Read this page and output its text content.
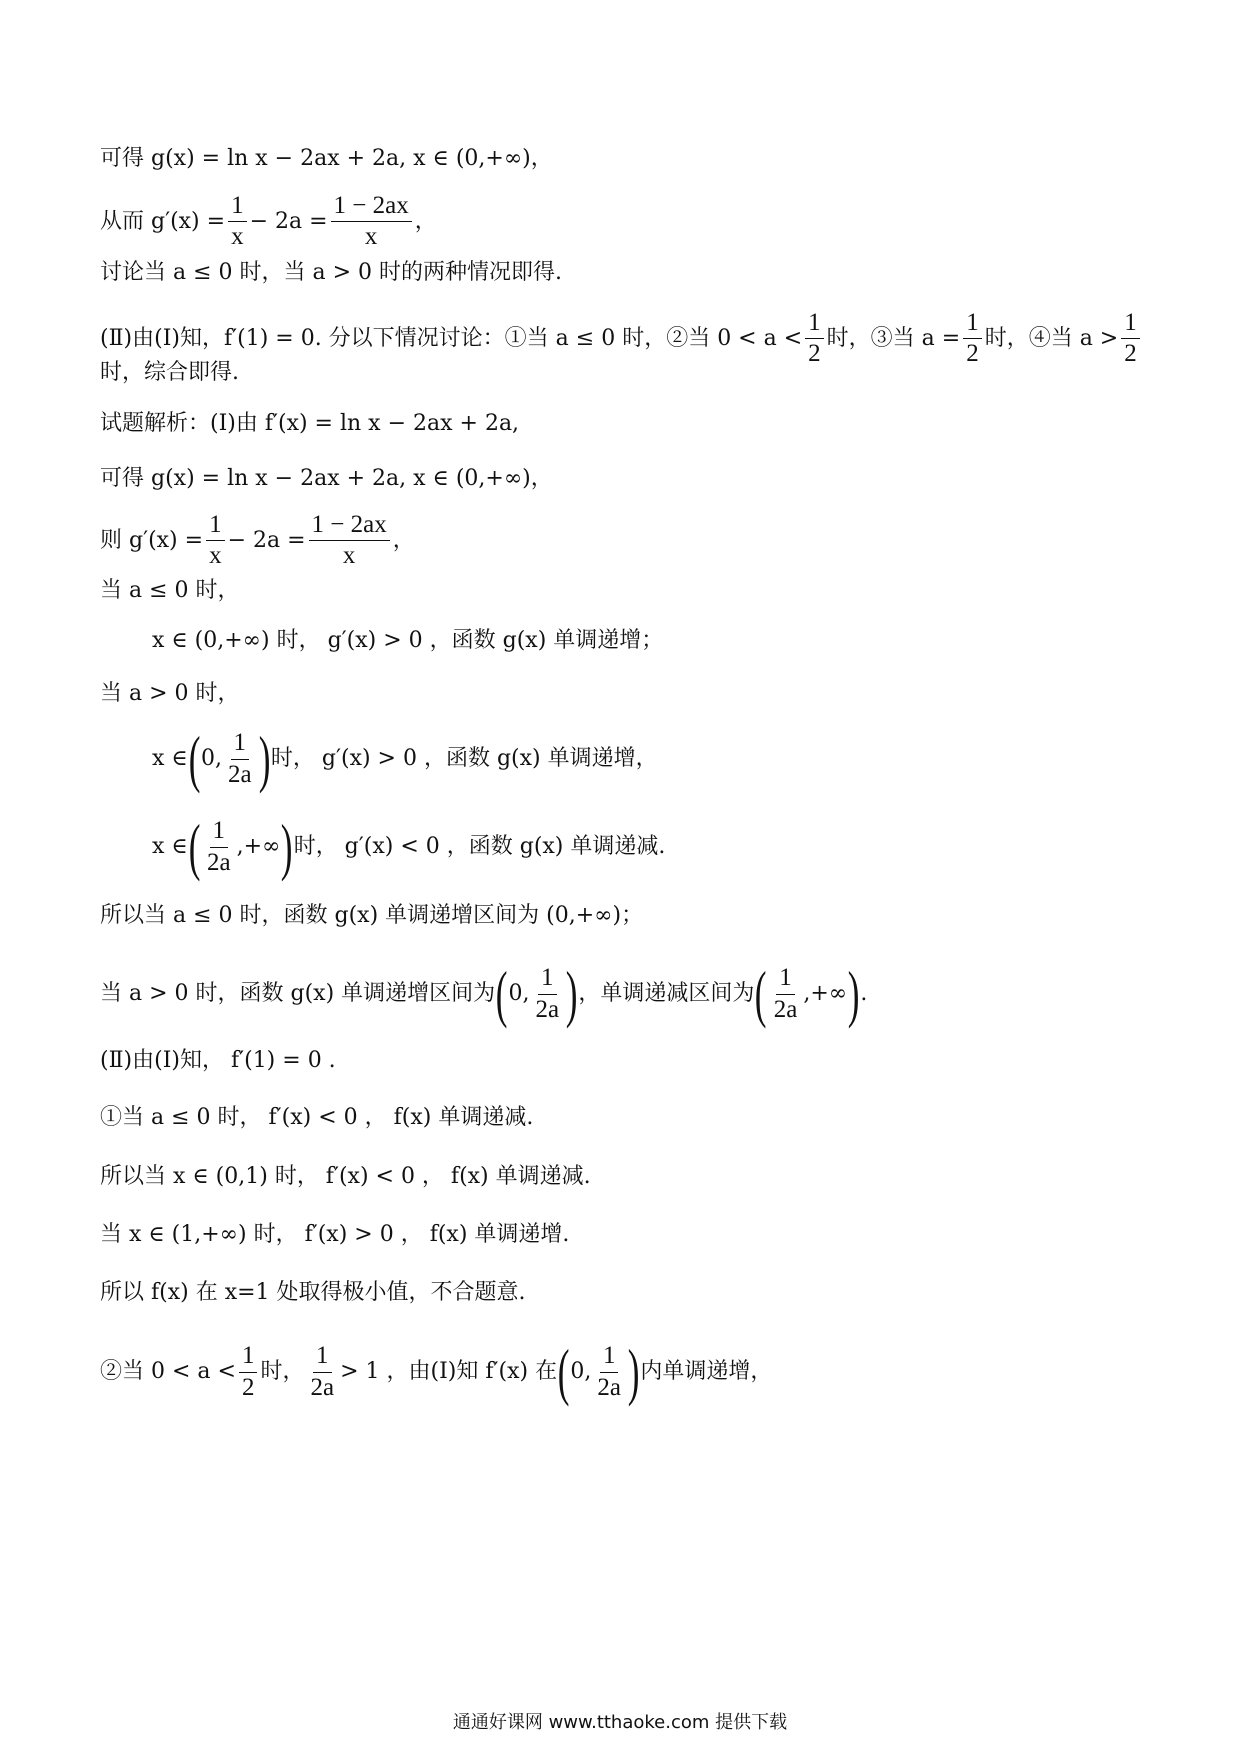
可得 g(x) = ln x − 2ax + 2a, x ∈ (0,+∞)，
从而 $g'(x) = \frac{1}{x} - 2a = \frac{1 - 2ax}{x}$ ，
讨论当 a ≤ 0 时，当 a > 0 时的两种情况即得.
(Ⅱ)由(Ⅰ)知，f′(1) = 0. 分以下情况讨论：①当 a ≤ 0 时，②当 $0 < a < \frac{1}{2}$ 时，③当 $a = \frac{1}{2}$ 时，④当 $a > \frac{1}{2}$
时，综合即得.
试题解析：(Ⅰ)由 f′(x) = ln x − 2ax + 2a,
可得 g(x) = ln x − 2ax + 2a, x ∈ (0,+∞)，
则 $g'(x) = \frac{1}{x} - 2a = \frac{1 - 2ax}{x}$ ，
当 a ≤ 0 时，
x ∈ (0,+∞) 时， g′(x) > 0 ，函数 g(x) 单调递增；
当 a > 0 时，
x ∈ ( 0, $\frac{1}{2a}$ ) 时， g′(x) > 0 ，函数 g(x) 单调递增，
x ∈ ( $\frac{1}{2a}$ ,+∞ ) 时， g′(x) < 0 ，函数 g(x) 单调递减.
所以当 a ≤ 0 时，函数 g(x) 单调递增区间为 (0,+∞)；
当 a > 0 时，函数 g(x) 单调递增区间为 ( 0, $\frac{1}{2a}$ ) ，单调递减区间为 ( $\frac{1}{2a}$ ,+∞ ) .
(Ⅱ)由(Ⅰ)知， f′(1) = 0 .
①当 a ≤ 0 时， f′(x) < 0 ， f(x) 单调递减.
所以当 x ∈ (0,1) 时， f′(x) < 0 ， f(x) 单调递减.
当 x ∈ (1,+∞) 时， f′(x) > 0 ， f(x) 单调递增.
所以 f(x) 在 x=1 处取得极小值，不合题意.
②当 $0 < a < \frac{1}{2}$ 时， $\frac{1}{2a} > 1$ ，由(Ⅰ)知 f′(x) 在 ( 0, $\frac{1}{2a}$ ) 内单调递增，
通通好课网 www.tthaoke.com 提供下载
